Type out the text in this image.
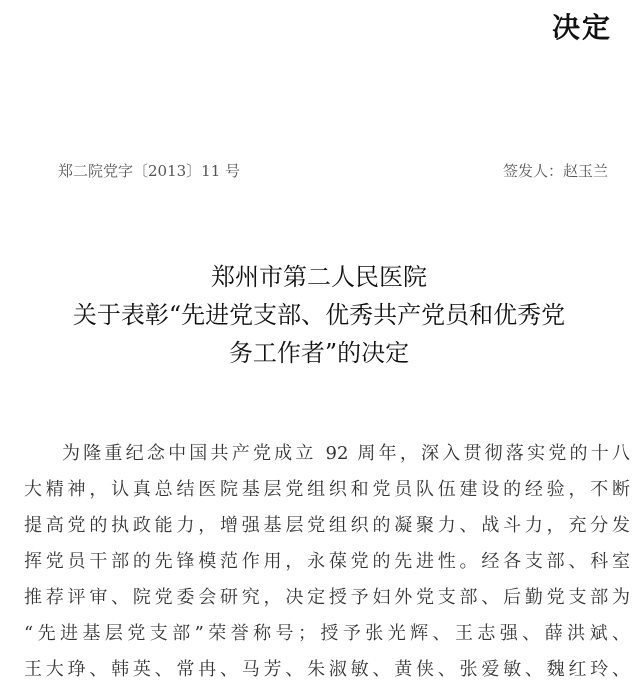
决定
郑二院党字〔2013〕11 号	签发人：赵玉兰
郑州市第二人民医院
关于表彰“先进党支部、优秀共产党员和优秀党
务工作者”的决定
为隆重纪念中国共产党成立 92 周年，深入贯彻落实党的十八
大精神，认真总结医院基层党组织和党员队伍建设的经验，不断
提高党的执政能力，增强基层党组织的凝聚力、战斗力，充分发
挥党员干部的先锋模范作用，永葆党的先进性。经各支部、科室
推荐评审、院党委会研究，决定授予妇外党支部、后勤党支部为
“先进基层党支部”荣誉称号；授予张光辉、王志强、薛洪斌、
王大琤、韩英、常冉、马芳、朱淑敏、黄侠、张爱敏、魏红玲、
